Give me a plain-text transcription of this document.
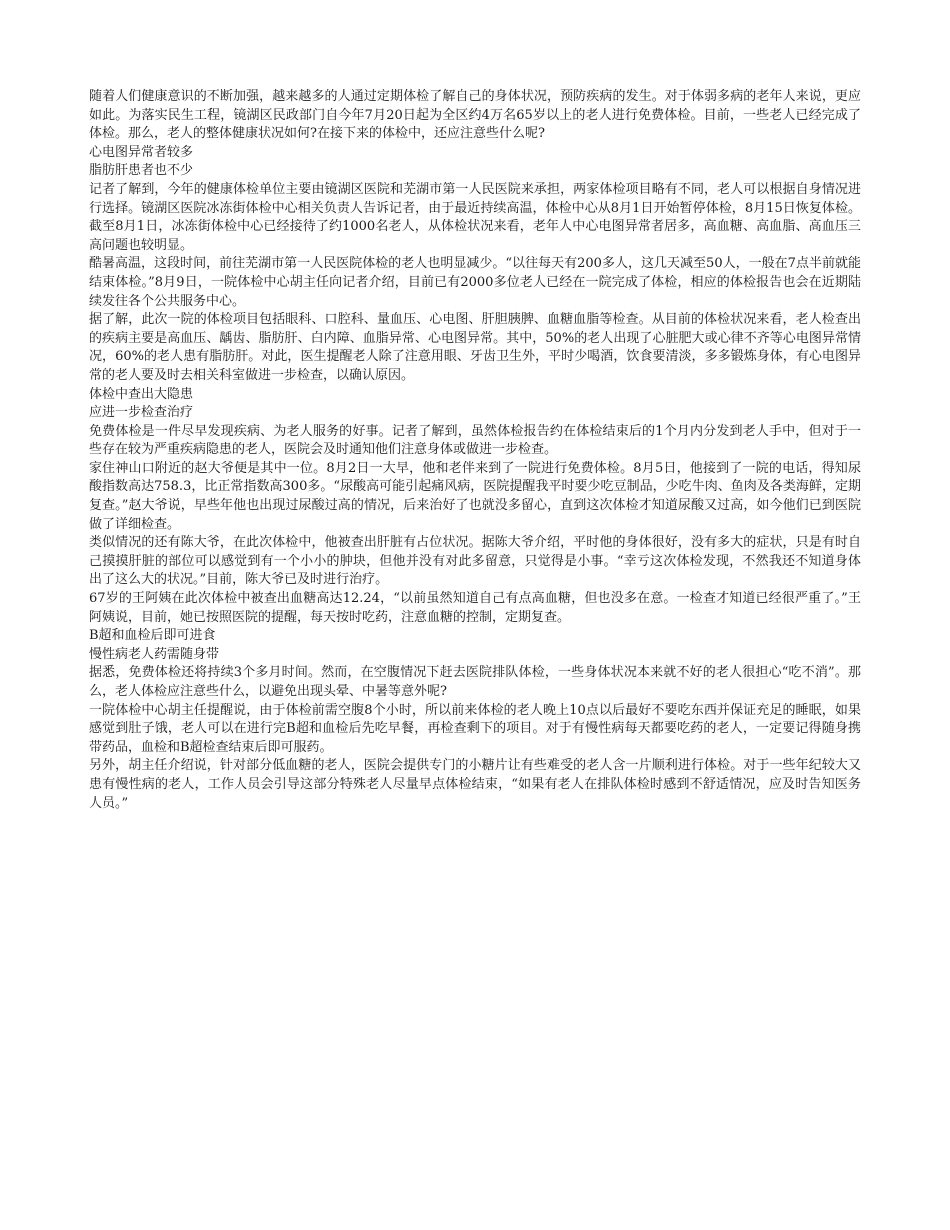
随着人们健康意识的不断加强，越来越多的人通过定期体检了解自己的身体状况，预防疾病的发生。对于体弱多病的老年人来说，更应如此。为落实民生工程，镜湖区民政部门自今年7月20日起为全区约4万名65岁以上的老人进行免费体检。目前，一些老人已经完成了体检。那么，老人的整体健康状况如何?在接下来的体检中，还应注意些什么呢?

心电图异常者较多

脂肪肝患者也不少

记者了解到，今年的健康体检单位主要由镜湖区医院和芜湖市第一人民医院来承担，两家体检项目略有不同，老人可以根据自身情况进行选择。镜湖区医院冰冻街体检中心相关负责人告诉记者，由于最近持续高温，体检中心从8月1日开始暂停体检，8月15日恢复体检。截至8月1日，冰冻街体检中心已经接待了约1000名老人，从体检状况来看，老年人中心电图异常者居多，高血糖、高血脂、高血压三高问题也较明显。

酷暑高温，这段时间，前往芜湖市第一人民医院体检的老人也明显减少。“以往每天有200多人，这几天减至50人，一般在7点半前就能结束体检。”8月9日，一院体检中心胡主任向记者介绍，目前已有2000多位老人已经在一院完成了体检，相应的体检报告也会在近期陆续发往各个公共服务中心。

据了解，此次一院的体检项目包括眼科、口腔科、量血压、心电图、肝胆胰脾、血糖血脂等检查。从目前的体检状况来看，老人检查出的疾病主要是高血压、龋齿、脂肪肝、白内障、血脂异常、心电图异常。其中，50%的老人出现了心脏肥大或心律不齐等心电图异常情况，60%的老人患有脂肪肝。对此，医生提醒老人除了注意用眼、牙齿卫生外，平时少喝酒，饮食要清淡，多多锻炼身体，有心电图异常的老人要及时去相关科室做进一步检查，以确认原因。

体检中查出大隐患

应进一步检查治疗

免费体检是一件尽早发现疾病、为老人服务的好事。记者了解到，虽然体检报告约在体检结束后的1个月内分发到老人手中，但对于一些存在较为严重疾病隐患的老人，医院会及时通知他们注意身体或做进一步检查。

家住神山口附近的赵大爷便是其中一位。8月2日一大早，他和老伴来到了一院进行免费体检。8月5日，他接到了一院的电话，得知尿酸指数高达758.3，比正常指数高300多。“尿酸高可能引起痛风病，医院提醒我平时要少吃豆制品，少吃牛肉、鱼肉及各类海鲜，定期复查。”赵大爷说，早些年他也出现过尿酸过高的情况，后来治好了也就没多留心，直到这次体检才知道尿酸又过高，如今他们已到医院做了详细检查。

类似情况的还有陈大爷，在此次体检中，他被查出肝脏有占位状况。据陈大爷介绍，平时他的身体很好，没有多大的症状，只是有时自己摸摸肝脏的部位可以感觉到有一个小小的肿块，但他并没有对此多留意，只觉得是小事。“幸亏这次体检发现，不然我还不知道身体出了这么大的状况。”目前，陈大爷已及时进行治疗。

67岁的王阿姨在此次体检中被查出血糖高达12.24，“以前虽然知道自己有点高血糖，但也没多在意。一检查才知道已经很严重了。”王阿姨说，目前，她已按照医院的提醒，每天按时吃药，注意血糖的控制，定期复查。

B超和血检后即可进食

慢性病老人药需随身带

据悉，免费体检还将持续3个多月时间。然而，在空腹情况下赶去医院排队体检，一些身体状况本来就不好的老人很担心“吃不消”。那么，老人体检应注意些什么，以避免出现头晕、中暑等意外呢?

一院体检中心胡主任提醒说，由于体检前需空腹8个小时，所以前来体检的老人晚上10点以后最好不要吃东西并保证充足的睡眠，如果感觉到肚子饿，老人可以在进行完B超和血检后先吃早餐，再检查剩下的项目。对于有慢性病每天都要吃药的老人，一定要记得随身携带药品，血检和B超检查结束后即可服药。

另外，胡主任介绍说，针对部分低血糖的老人，医院会提供专门的小糖片让有些难受的老人含一片顺利进行体检。对于一些年纪较大又患有慢性病的老人，工作人员会引导这部分特殊老人尽量早点体检结束，“如果有老人在排队体检时感到不舒适情况，应及时告知医务人员。”
